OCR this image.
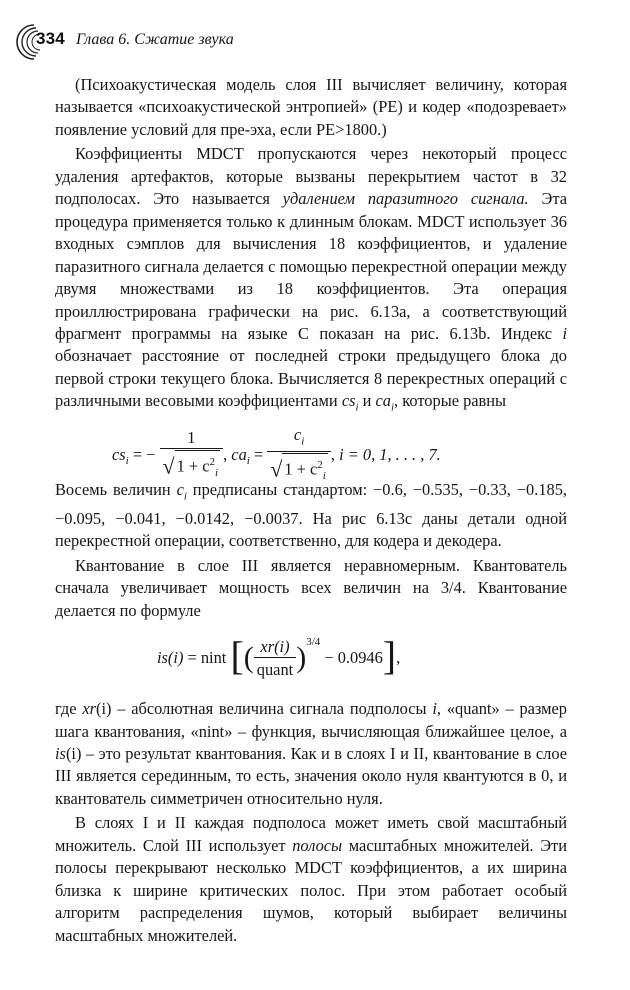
334 Глава 6. Сжатие звука

(Психоакустическая модель слоя III вычисляет величину, которая называется «психоакустической энтропией» (PE) и кодер «подозревает» появление условий для пре-эха, если PE>1800.)

Коэффициенты MDCT пропускаются через некоторый процесс удаления артефактов, которые вызваны перекрытием частот в 32 подполосах. Это называется удалением паразитного сигнала. Эта процедура применяется только к длинным блокам. MDCT использует 36 входных сэмплов для вычисления 18 коэффициентов, и удаление паразитного сигнала делается с помощью перекрестной операции между двумя множествами из 18 коэффициентов. Эта операция проиллюстрирована графически на рис. 6.13a, а соответствующий фрагмент программы на языке C показан на рис. 6.13b. Индекс i обозначает расстояние от последней строки предыдущего блока до первой строки текущего блока. Вычисляется 8 перекрестных операций с различными весовыми коэффициентами $cs_i$ и $ca_i$, которые равны

$cs_i$ = − $\frac{1}{√ 1 + c^2_i}$ , $ca_i = \frac{c_i}{√ 1 + c^2_i}$ , i = 0, 1, . . . , 7.

Восемь величин $c_i$ предписаны стандартом: −0.6, −0.535, −0.33, −0.185, −0.095, −0.041, −0.0142, −0.0037. На рис 6.13c даны детали одной перекрестной операции, соответственно, для кодера и декодера.

Квантование в слое III является неравномерным. Квантователь сначала увеличивает мощность всех величин на 3/4. Квантование делается по формуле

is(i) = nint [( $\frac{xr(i)}{\text{quant}} )^{3/4} - 0.0946$],

где xr(i) – абсолютная величина сигнала подполосы i, «quant» – размер шага квантования, «nint» – функция, вычисляющая ближайшее целое, а is(i) – это результат квантования. Как и в слоях I и II, квантование в слое III является серединным, то есть, значения около нуля квантуются в 0, и квантователь симметричен относительно нуля.

В слоях I и II каждая подполоса может иметь свой масштабный множитель. Слой III использует полосы масштабных множителей. Эти полосы перекрывают несколько MDCT коэффициентов, а их ширина близка к ширине критических полос. При этом работает особый алгоритм распределения шумов, который выбирает величины масштабных множителей.
